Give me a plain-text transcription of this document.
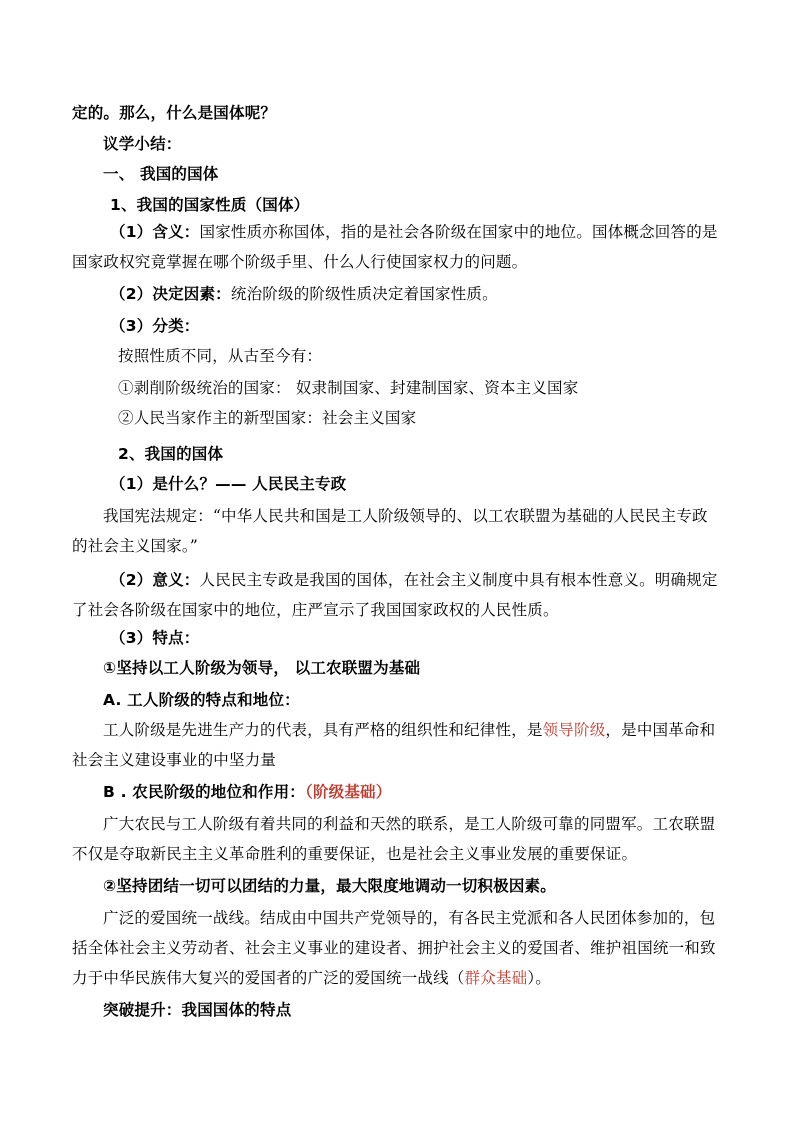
定的。那么，什么是国体呢？
议学小结：
一、 我国的国体
1、我国的国家性质（国体）
（1）含义：国家性质亦称国体，指的是社会各阶级在国家中的地位。国体概念回答的是
国家政权究竟掌握在哪个阶级手里、什么人行使国家权力的问题。
（2）决定因素：统治阶级的阶级性质决定着国家性质。
（3）分类：
按照性质不同，从古至今有：
①剥削阶级统治的国家： 奴隶制国家、封建制国家、资本主义国家
②人民当家作主的新型国家：社会主义国家
2、我国的国体
（1）是什么？—— 人民民主专政
我国宪法规定：“中华人民共和国是工人阶级领导的、以工农联盟为基础的人民民主专政
的社会主义国家。”
（2）意义：人民民主专政是我国的国体，在社会主义制度中具有根本性意义。明确规定
了社会各阶级在国家中的地位，庄严宣示了我国国家政权的人民性质。
（3）特点：
①坚持以工人阶级为领导， 以工农联盟为基础
A. 工人阶级的特点和地位：
工人阶级是先进生产力的代表，具有严格的组织性和纪律性，是领导阶级，是中国革命和
社会主义建设事业的中坚力量
B . 农民阶级的地位和作用：（阶级基础）
广大农民与工人阶级有着共同的利益和天然的联系，是工人阶级可靠的同盟军。工农联盟
不仅是夺取新民主主义革命胜利的重要保证，也是社会主义事业发展的重要保证。
②坚持团结一切可以团结的力量，最大限度地调动一切积极因素。
广泛的爱国统一战线。结成由中国共产党领导的，有各民主党派和各人民团体参加的，包
括全体社会主义劳动者、社会主义事业的建设者、拥护社会主义的爱国者、维护祖国统一和致
力于中华民族伟大复兴的爱国者的广泛的爱国统一战线（群众基础）。
突破提升：我国国体的特点
